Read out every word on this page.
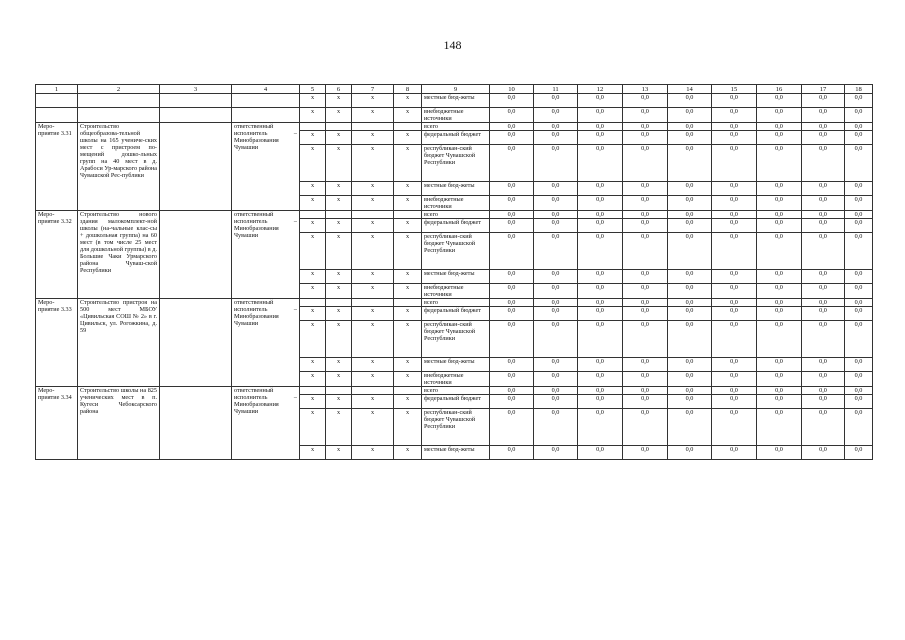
148
1	2	3	4	5	6	7	8	9	10	11	12	13	14	15	16	17	18
				x	x	x	x	местные бюд-жеты	0,0	0,0	0,0	0,0	0,0	0,0	0,0	0,0	0,0
				x	x	x	x	внебюджетные источники	0,0	0,0	0,0	0,0	0,0	0,0	0,0	0,0	0,0
Меро-приятие 3.31	Строительство общеобразова-тельной школы на 165 учениче-ских мест с пристроем по-мещений дошко-льных групп на 40 мест в д. Арабоси Ур-марского района Чувашской Рес-публики		ответственный исполнитель – Минобразования Чувашии					всего	0,0	0,0	0,0	0,0	0,0	0,0	0,0	0,0	0,0
				x	x	x	x	федеральный бюджет	0,0	0,0	0,0	0,0	0,0	0,0	0,0	0,0	0,0
				x	x	x	x	республикан-ский бюджет Чувашской Республики	0,0	0,0	0,0	0,0	0,0	0,0	0,0	0,0	0,0
				x	x	x	x	местные бюд-жеты	0,0	0,0	0,0	0,0	0,0	0,0	0,0	0,0	0,0
				x	x	x	x	внебюджетные источники	0,0	0,0	0,0	0,0	0,0	0,0	0,0	0,0	0,0
Меро-приятие 3.32	Строительство нового здания малокомплект-ной школы (на-чальные клас-сы + дошкольная группа) на 60 мест (в том числе 25 мест для дошкольной группы) в д. Большие Чаки Урмарского района Чуваш-ской Республики		ответственный исполнитель – Минобразования Чувашии					всего	0,0	0,0	0,0	0,0	0,0	0,0	0,0	0,0	0,0
				x	x	x	x	федеральный бюджет	0,0	0,0	0,0	0,0	0,0	0,0	0,0	0,0	0,0
				x	x	x	x	республикан-ский бюджет Чувашской Республики	0,0	0,0	0,0	0,0	0,0	0,0	0,0	0,0	0,0
				x	x	x	x	местные бюд-жеты	0,0	0,0	0,0	0,0	0,0	0,0	0,0	0,0	0,0
				x	x	x	x	внебюджетные источники	0,0	0,0	0,0	0,0	0,0	0,0	0,0	0,0	0,0
Меро-приятие 3.33	Строительство пристроя на 500 мест МБОУ «Цивильская СОШ № 2» в г. Цивильск, ул. Рогожкина, д. 59		ответственный исполнитель – Минобразования Чувашии					всего	0,0	0,0	0,0	0,0	0,0	0,0	0,0	0,0	0,0
				x	x	x	x	федеральный бюджет	0,0	0,0	0,0	0,0	0,0	0,0	0,0	0,0	0,0
				x	x	x	x	республикан-ский бюджет Чувашской Республики	0,0	0,0	0,0	0,0	0,0	0,0	0,0	0,0	0,0
				x	x	x	x	местные бюд-жеты	0,0	0,0	0,0	0,0	0,0	0,0	0,0	0,0	0,0
				x	x	x	x	внебюджетные источники	0,0	0,0	0,0	0,0	0,0	0,0	0,0	0,0	0,0
Меро-приятие 3.34	Строительство школы на 825 ученических мест в п. Кугеси Чебоксарского района		ответственный исполнитель – Минобразования Чувашии					всего	0,0	0,0	0,0	0,0	0,0	0,0	0,0	0,0	0,0
				x	x	x	x	федеральный бюджет	0,0	0,0	0,0	0,0	0,0	0,0	0,0	0,0	0,0
				x	x	x	x	республикан-ский бюджет Чувашской Республики	0,0	0,0	0,0	0,0	0,0	0,0	0,0	0,0	0,0
				x	x	x	x	местные бюд-жеты	0,0	0,0	0,0	0,0	0,0	0,0	0,0	0,0	0,0
